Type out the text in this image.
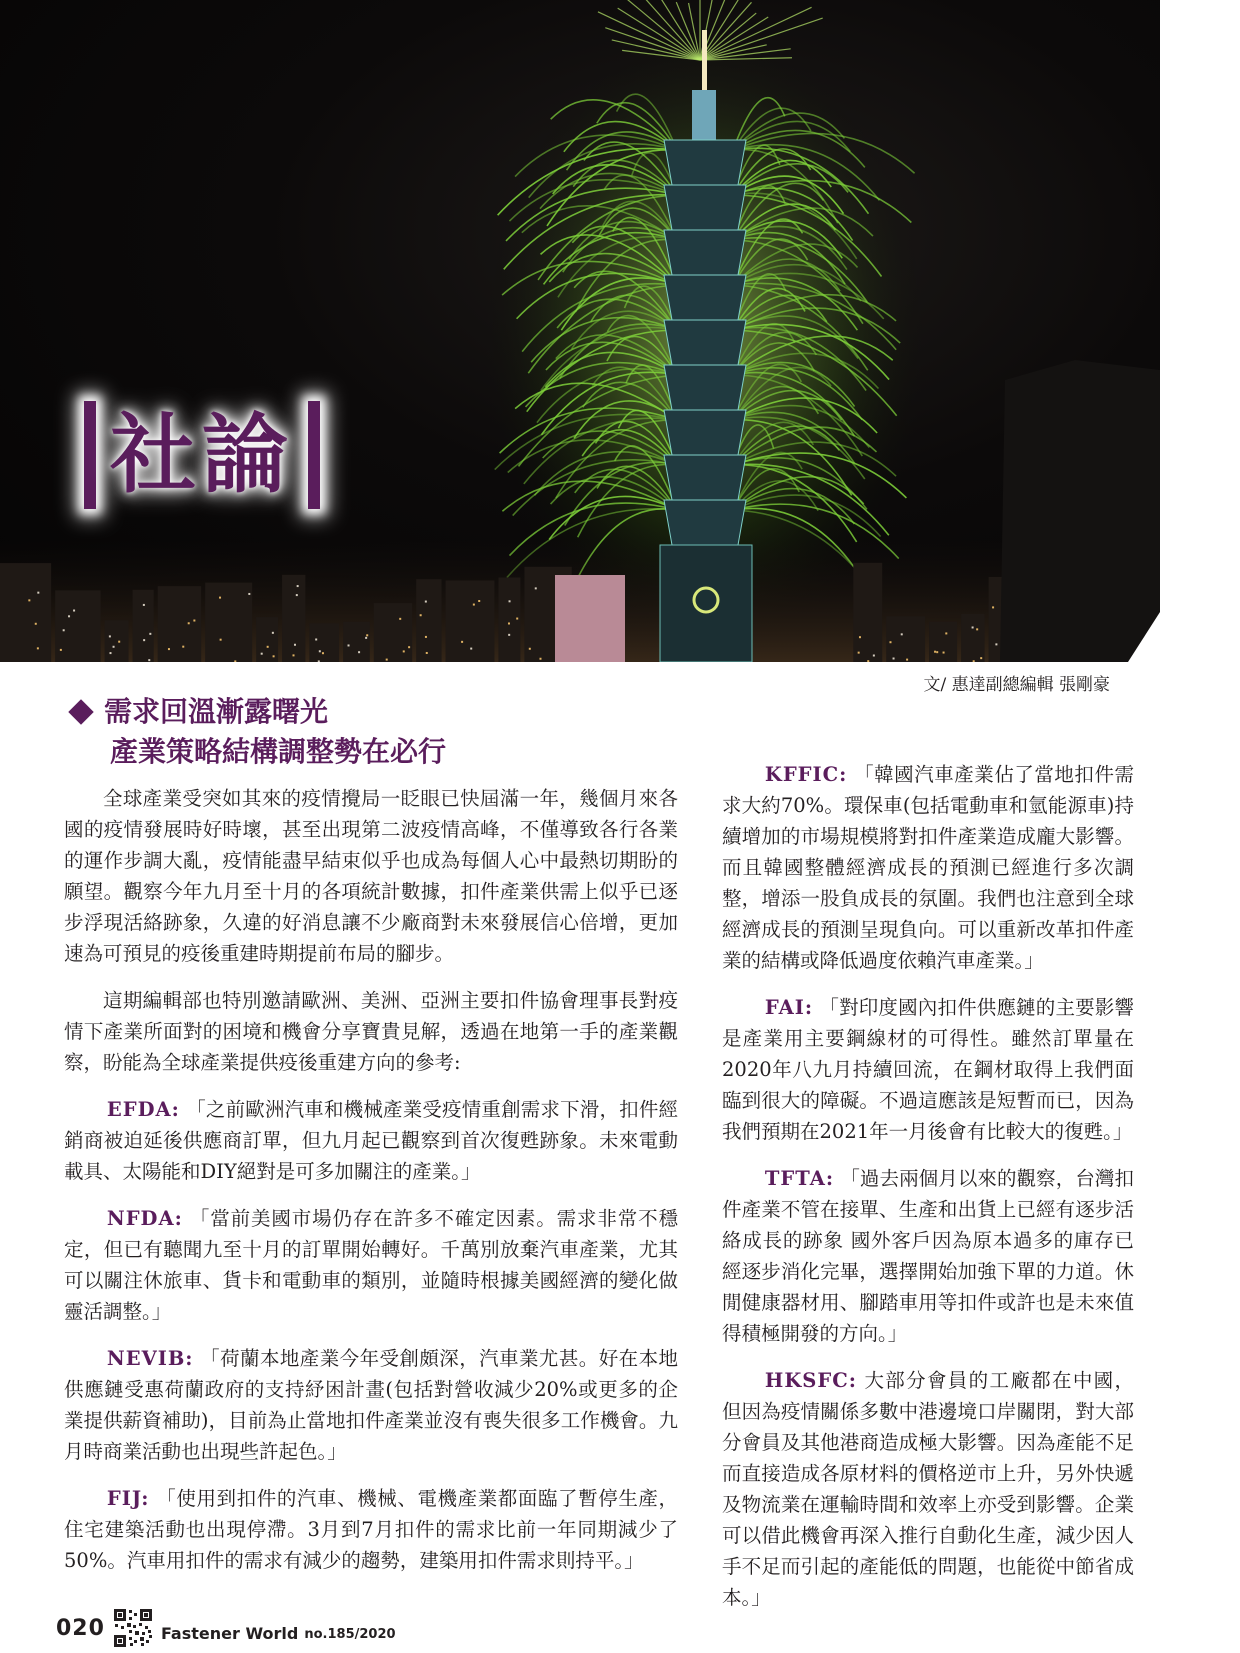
社論
文/ 惠達副總編輯 張剛豪
需求回溫漸露曙光
產業策略結構調整勢在必行

全球產業受突如其來的疫情攪局一眨眼已快屆滿一年，幾個月來各國的疫情發展時好時壞，甚至出現第二波疫情高峰，不僅導致各行各業的運作步調大亂，疫情能盡早結束似乎也成為每個人心中最熱切期盼的願望。觀察今年九月至十月的各項統計數據，扣件產業供需上似乎已逐步浮現活絡跡象，久違的好消息讓不少廠商對未來發展信心倍增，更加速為可預見的疫後重建時期提前布局的腳步。

這期編輯部也特別邀請歐洲、美洲、亞洲主要扣件協會理事長對疫情下產業所面對的困境和機會分享寶貴見解，透過在地第一手的產業觀察，盼能為全球產業提供疫後重建方向的參考:

EFDA: 「之前歐洲汽車和機械產業受疫情重創需求下滑，扣件經銷商被迫延後供應商訂單，但九月起已觀察到首次復甦跡象。未來電動載具、太陽能和DIY絕對是可多加關注的產業。」

NFDA: 「當前美國市場仍存在許多不確定因素。需求非常不穩定，但已有聽聞九至十月的訂單開始轉好。千萬別放棄汽車產業，尤其可以關注休旅車、貨卡和電動車的類別，並隨時根據美國經濟的變化做靈活調整。」

NEVIB: 「荷蘭本地產業今年受創頗深，汽車業尤甚。好在本地供應鏈受惠荷蘭政府的支持紓困計畫(包括對營收減少20%或更多的企業提供薪資補助)，目前為止當地扣件產業並沒有喪失很多工作機會。九月時商業活動也出現些許起色。」

FIJ: 「使用到扣件的汽車、機械、電機產業都面臨了暫停生產，住宅建築活動也出現停滯。3月到7月扣件的需求比前一年同期減少了50%。汽車用扣件的需求有減少的趨勢，建築用扣件需求則持平。」

KFFIC: 「韓國汽車產業佔了當地扣件需求大約70%。環保車(包括電動車和氫能源車)持續增加的市場規模將對扣件產業造成龐大影響。而且韓國整體經濟成長的預測已經進行多次調整，增添一股負成長的氛圍。我們也注意到全球經濟成長的預測呈現負向。可以重新改革扣件產業的結構或降低過度依賴汽車產業。」

FAI: 「對印度國內扣件供應鏈的主要影響是產業用主要鋼線材的可得性。雖然訂單量在2020年八九月持續回流，在鋼材取得上我們面臨到很大的障礙。不過這應該是短暫而已，因為我們預期在2021年一月後會有比較大的復甦。」

TFTA: 「過去兩個月以來的觀察，台灣扣件產業不管在接單、生產和出貨上已經有逐步活絡成長的跡象 國外客戶因為原本過多的庫存已經逐步消化完畢，選擇開始加強下單的力道。休閒健康器材用、腳踏車用等扣件或許也是未來值得積極開發的方向。」

HKSFC: 大部分會員的工廠都在中國，但因為疫情關係多數中港邊境口岸關閉，對大部分會員及其他港商造成極大影響。因為產能不足而直接造成各原材料的價格逆市上升，另外快遞及物流業在運輸時間和效率上亦受到影響。企業可以借此機會再深入推行自動化生產，減少因人手不足而引起的產能低的問題，也能從中節省成本。」

020	Fastener World no.185/2020
